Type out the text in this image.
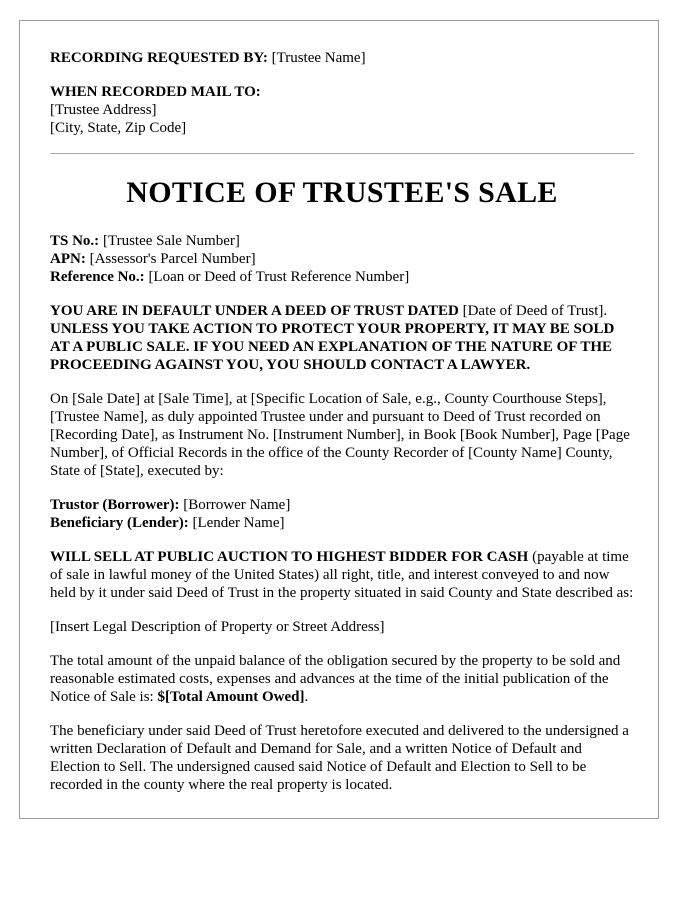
RECORDING REQUESTED BY: [Trustee Name]
WHEN RECORDED MAIL TO:
[Trustee Address]
[City, State, Zip Code]
NOTICE OF TRUSTEE'S SALE
TS No.: [Trustee Sale Number]
APN: [Assessor's Parcel Number]
Reference No.: [Loan or Deed of Trust Reference Number]

YOU ARE IN DEFAULT UNDER A DEED OF TRUST DATED [Date of Deed of Trust]. UNLESS YOU TAKE ACTION TO PROTECT YOUR PROPERTY, IT MAY BE SOLD AT A PUBLIC SALE. IF YOU NEED AN EXPLANATION OF THE NATURE OF THE PROCEEDING AGAINST YOU, YOU SHOULD CONTACT A LAWYER.

On [Sale Date] at [Sale Time], at [Specific Location of Sale, e.g., County Courthouse Steps], [Trustee Name], as duly appointed Trustee under and pursuant to Deed of Trust recorded on [Recording Date], as Instrument No. [Instrument Number], in Book [Book Number], Page [Page Number], of Official Records in the office of the County Recorder of [County Name] County, State of [State], executed by:

Trustor (Borrower): [Borrower Name]
Beneficiary (Lender): [Lender Name]

WILL SELL AT PUBLIC AUCTION TO HIGHEST BIDDER FOR CASH (payable at time of sale in lawful money of the United States) all right, title, and interest conveyed to and now held by it under said Deed of Trust in the property situated in said County and State described as:

[Insert Legal Description of Property or Street Address]

The total amount of the unpaid balance of the obligation secured by the property to be sold and reasonable estimated costs, expenses and advances at the time of the initial publication of the Notice of Sale is: $[Total Amount Owed].

The beneficiary under said Deed of Trust heretofore executed and delivered to the undersigned a written Declaration of Default and Demand for Sale, and a written Notice of Default and Election to Sell. The undersigned caused said Notice of Default and Election to Sell to be recorded in the county where the real property is located.
